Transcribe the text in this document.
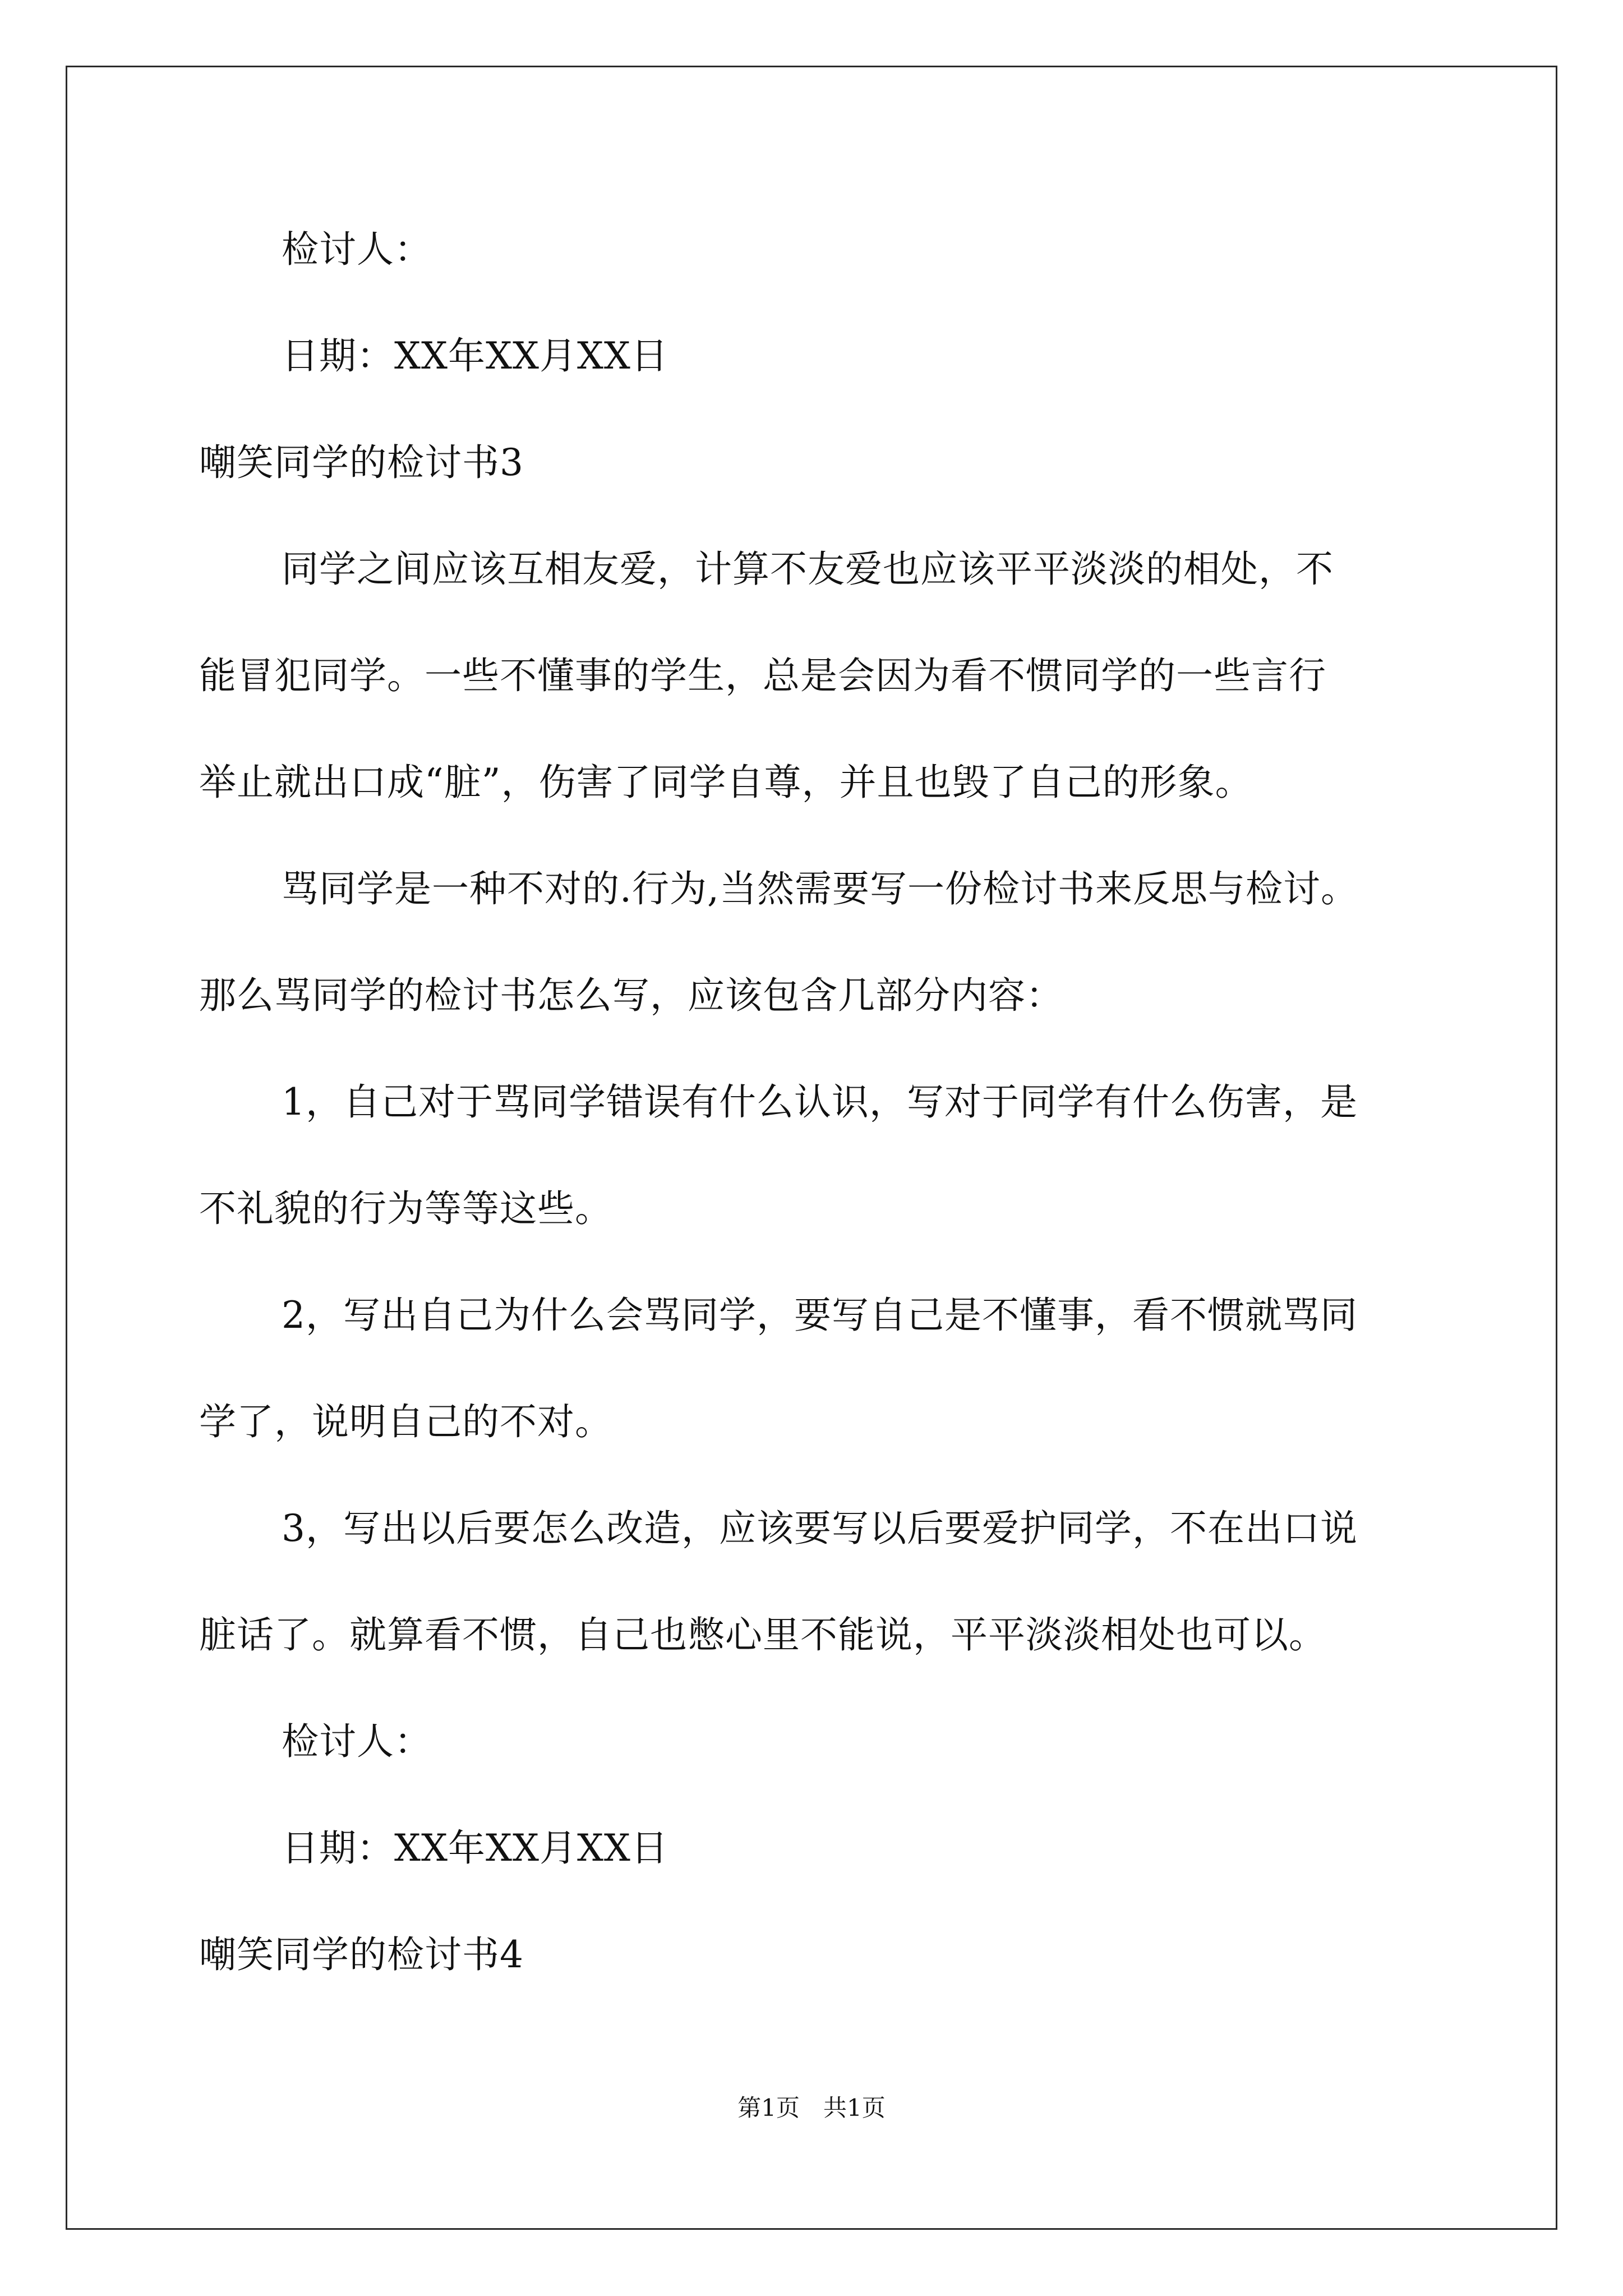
检讨人：
日期：XX年XX月XX日
嘲笑同学的检讨书3
同学之间应该互相友爱，计算不友爱也应该平平淡淡的相处，不
能冒犯同学。一些不懂事的学生，总是会因为看不惯同学的一些言行
举止就出口成“脏”，伤害了同学自尊，并且也毁了自己的形象。
骂同学是一种不对的.行为,当然需要写一份检讨书来反思与检讨。
那么骂同学的检讨书怎么写，应该包含几部分内容：
1，自己对于骂同学错误有什么认识，写对于同学有什么伤害，是
不礼貌的行为等等这些。
2，写出自己为什么会骂同学，要写自己是不懂事，看不惯就骂同
学了，说明自己的不对。
3，写出以后要怎么改造，应该要写以后要爱护同学，不在出口说
脏话了。就算看不惯，自己也憋心里不能说，平平淡淡相处也可以。
检讨人：
日期：XX年XX月XX日
嘲笑同学的检讨书4
第1页　共1页
